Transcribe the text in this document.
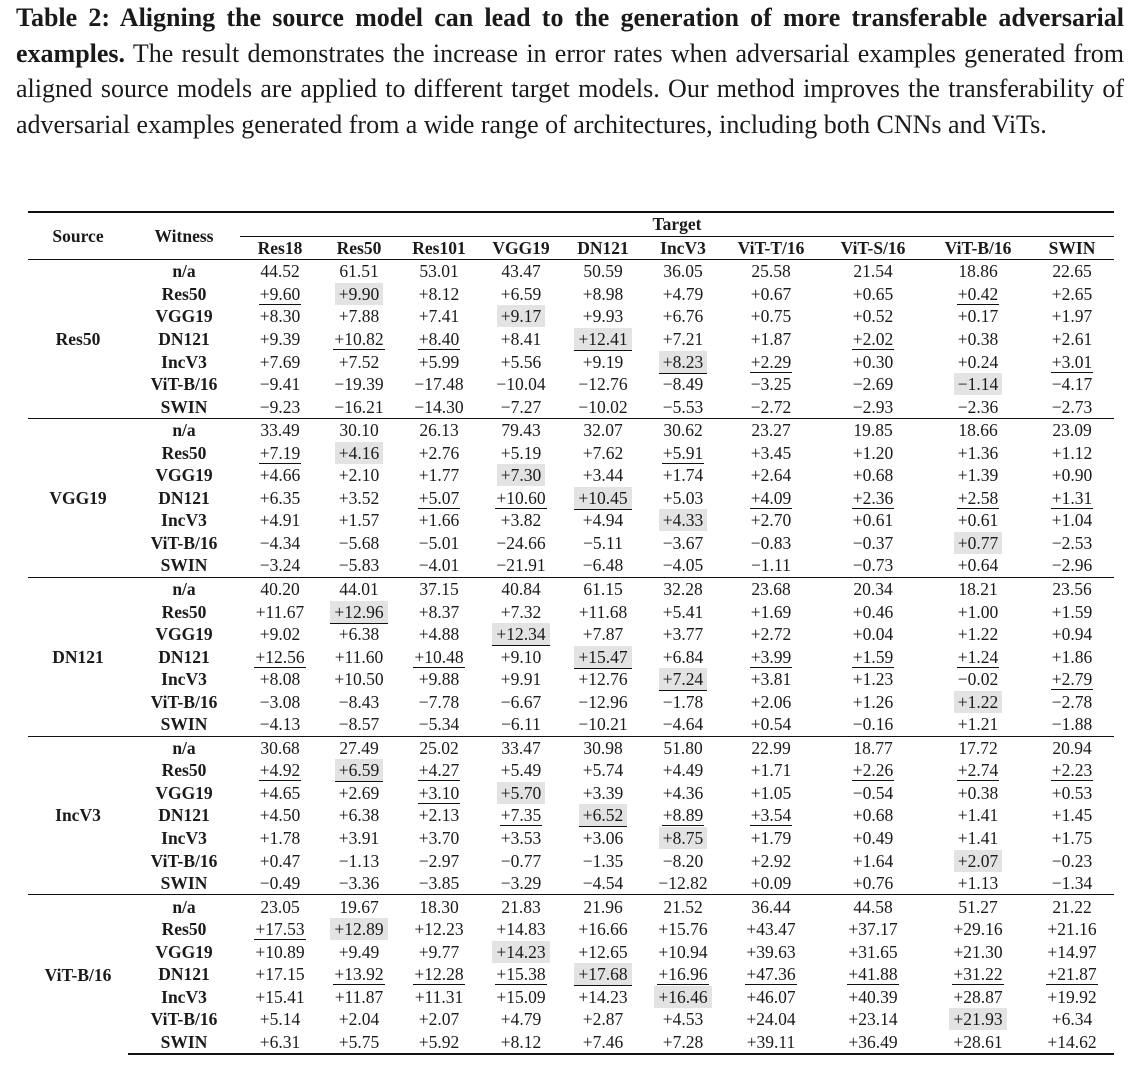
Table 2: Aligning the source model can lead to the generation of more transferable adversarial examples. The result demonstrates the increase in error rates when adversarial examples generated from aligned source models are applied to different target models. Our method improves the transferability of adversarial examples generated from a wide range of architectures, including both CNNs and ViTs.
Source	Witness	Target									
		Res18	Res50	Res101	VGG19	DN121	IncV3	ViT-T/16	ViT-S/16	ViT-B/16	SWIN
Res50	n/a	44.52	61.51	53.01	43.47	50.59	36.05	25.58	21.54	18.86	22.65
	Res50	+9.60	+9.90	+8.12	+6.59	+8.98	+4.79	+0.67	+0.65	+0.42	+2.65
	VGG19	+8.30	+7.88	+7.41	+9.17	+9.93	+6.76	+0.75	+0.52	+0.17	+1.97
	DN121	+9.39	+10.82	+8.40	+8.41	+12.41	+7.21	+1.87	+2.02	+0.38	+2.61
	IncV3	+7.69	+7.52	+5.99	+5.56	+9.19	+8.23	+2.29	+0.30	+0.24	+3.01
	ViT-B/16	−9.41	−19.39	−17.48	−10.04	−12.76	−8.49	−3.25	−2.69	−1.14	−4.17
	SWIN	−9.23	−16.21	−14.30	−7.27	−10.02	−5.53	−2.72	−2.93	−2.36	−2.73
VGG19	n/a	33.49	30.10	26.13	79.43	32.07	30.62	23.27	19.85	18.66	23.09
	Res50	+7.19	+4.16	+2.76	+5.19	+7.62	+5.91	+3.45	+1.20	+1.36	+1.12
	VGG19	+4.66	+2.10	+1.77	+7.30	+3.44	+1.74	+2.64	+0.68	+1.39	+0.90
	DN121	+6.35	+3.52	+5.07	+10.60	+10.45	+5.03	+4.09	+2.36	+2.58	+1.31
	IncV3	+4.91	+1.57	+1.66	+3.82	+4.94	+4.33	+2.70	+0.61	+0.61	+1.04
	ViT-B/16	−4.34	−5.68	−5.01	−24.66	−5.11	−3.67	−0.83	−0.37	+0.77	−2.53
	SWIN	−3.24	−5.83	−4.01	−21.91	−6.48	−4.05	−1.11	−0.73	+0.64	−2.96
DN121	n/a	40.20	44.01	37.15	40.84	61.15	32.28	23.68	20.34	18.21	23.56
	Res50	+11.67	+12.96	+8.37	+7.32	+11.68	+5.41	+1.69	+0.46	+1.00	+1.59
	VGG19	+9.02	+6.38	+4.88	+12.34	+7.87	+3.77	+2.72	+0.04	+1.22	+0.94
	DN121	+12.56	+11.60	+10.48	+9.10	+15.47	+6.84	+3.99	+1.59	+1.24	+1.86
	IncV3	+8.08	+10.50	+9.88	+9.91	+12.76	+7.24	+3.81	+1.23	−0.02	+2.79
	ViT-B/16	−3.08	−8.43	−7.78	−6.67	−12.96	−1.78	+2.06	+1.26	+1.22	−2.78
	SWIN	−4.13	−8.57	−5.34	−6.11	−10.21	−4.64	+0.54	−0.16	+1.21	−1.88
IncV3	n/a	30.68	27.49	25.02	33.47	30.98	51.80	22.99	18.77	17.72	20.94
	Res50	+4.92	+6.59	+4.27	+5.49	+5.74	+4.49	+1.71	+2.26	+2.74	+2.23
	VGG19	+4.65	+2.69	+3.10	+5.70	+3.39	+4.36	+1.05	−0.54	+0.38	+0.53
	DN121	+4.50	+6.38	+2.13	+7.35	+6.52	+8.89	+3.54	+0.68	+1.41	+1.45
	IncV3	+1.78	+3.91	+3.70	+3.53	+3.06	+8.75	+1.79	+0.49	+1.41	+1.75
	ViT-B/16	+0.47	−1.13	−2.97	−0.77	−1.35	−8.20	+2.92	+1.64	+2.07	−0.23
	SWIN	−0.49	−3.36	−3.85	−3.29	−4.54	−12.82	+0.09	+0.76	+1.13	−1.34
ViT-B/16	n/a	23.05	19.67	18.30	21.83	21.96	21.52	36.44	44.58	51.27	21.22
	Res50	+17.53	+12.89	+12.23	+14.83	+16.66	+15.76	+43.47	+37.17	+29.16	+21.16
	VGG19	+10.89	+9.49	+9.77	+14.23	+12.65	+10.94	+39.63	+31.65	+21.30	+14.97
	DN121	+17.15	+13.92	+12.28	+15.38	+17.68	+16.96	+47.36	+41.88	+31.22	+21.87
	IncV3	+15.41	+11.87	+11.31	+15.09	+14.23	+16.46	+46.07	+40.39	+28.87	+19.92
	ViT-B/16	+5.14	+2.04	+2.07	+4.79	+2.87	+4.53	+24.04	+23.14	+21.93	+6.34
	SWIN	+6.31	+5.75	+5.92	+8.12	+7.46	+7.28	+39.11	+36.49	+28.61	+14.62
